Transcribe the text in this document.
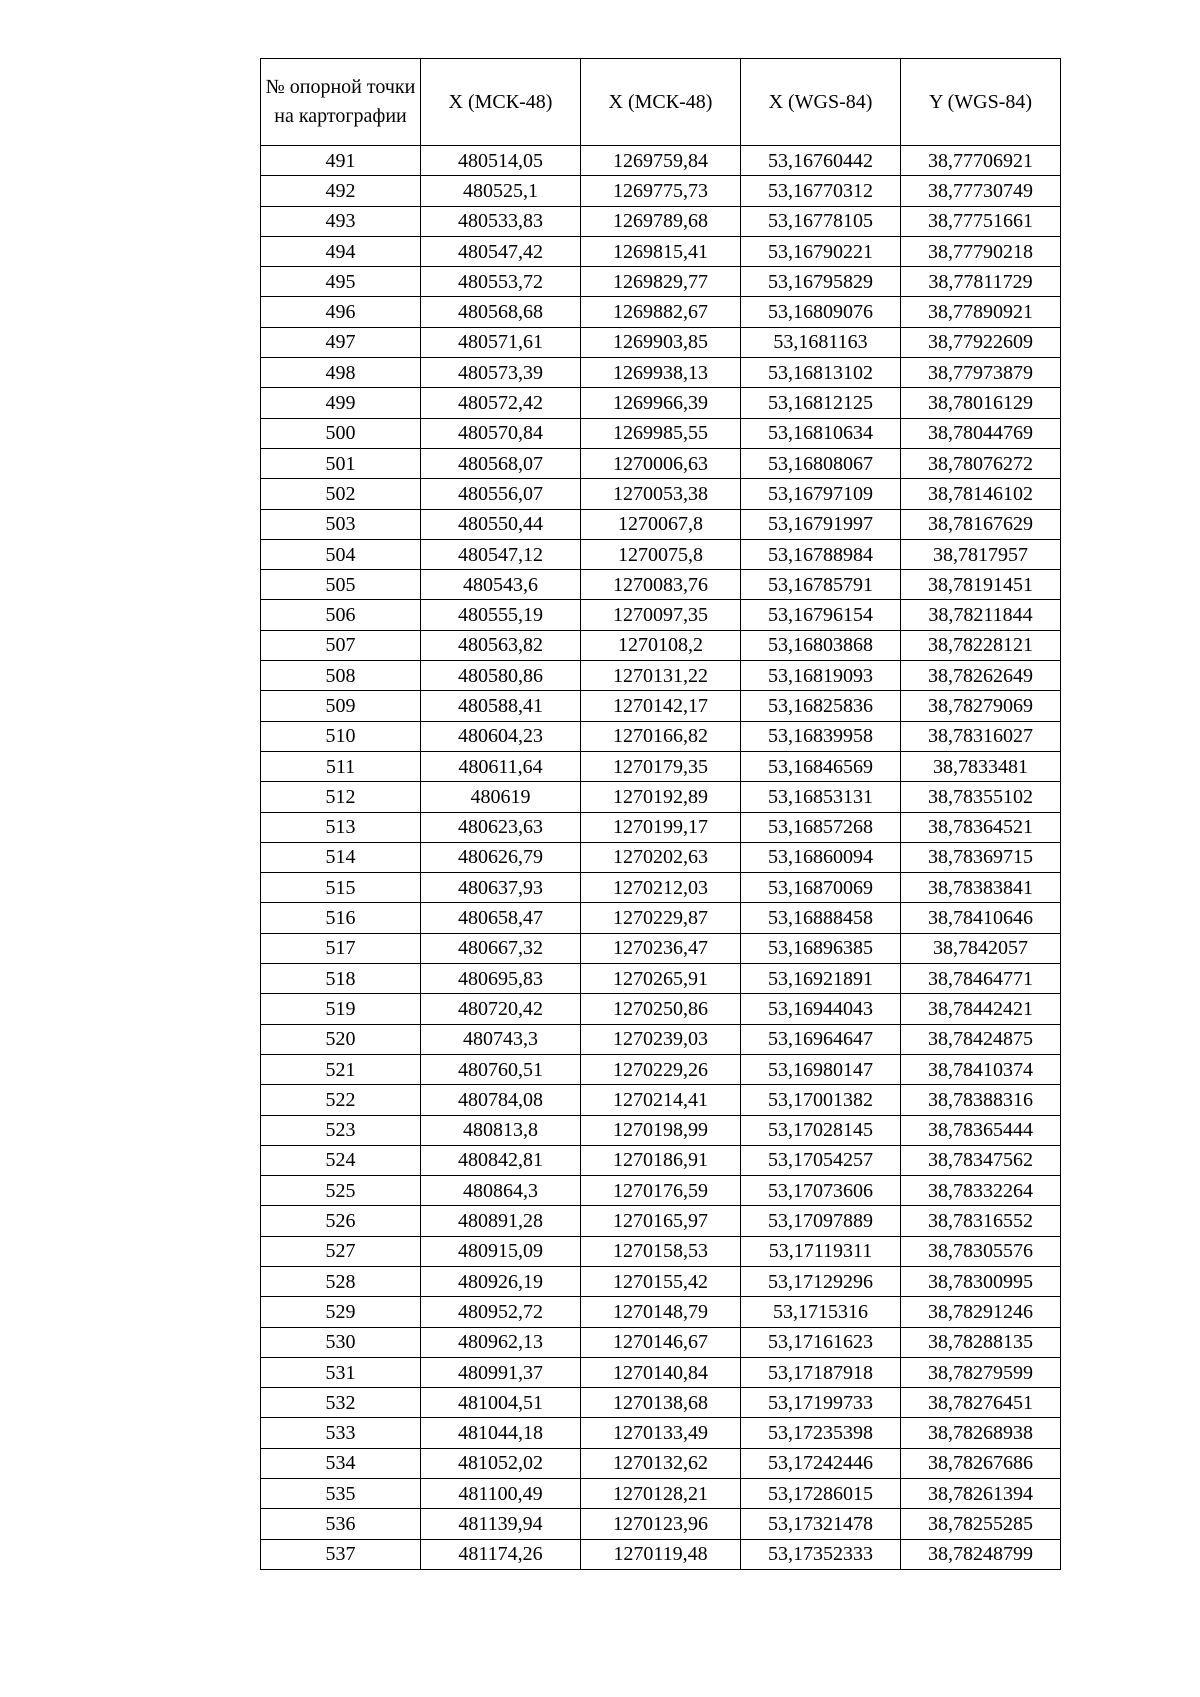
№ опорной точки на картографии	X (МСК-48)	X (МСК-48)	X (WGS-84)	Y (WGS-84)
491	480514,05	1269759,84	53,16760442	38,77706921
492	480525,1	1269775,73	53,16770312	38,77730749
493	480533,83	1269789,68	53,16778105	38,77751661
494	480547,42	1269815,41	53,16790221	38,77790218
495	480553,72	1269829,77	53,16795829	38,77811729
496	480568,68	1269882,67	53,16809076	38,77890921
497	480571,61	1269903,85	53,1681163	38,77922609
498	480573,39	1269938,13	53,16813102	38,77973879
499	480572,42	1269966,39	53,16812125	38,78016129
500	480570,84	1269985,55	53,16810634	38,78044769
501	480568,07	1270006,63	53,16808067	38,78076272
502	480556,07	1270053,38	53,16797109	38,78146102
503	480550,44	1270067,8	53,16791997	38,78167629
504	480547,12	1270075,8	53,16788984	38,7817957
505	480543,6	1270083,76	53,16785791	38,78191451
506	480555,19	1270097,35	53,16796154	38,78211844
507	480563,82	1270108,2	53,16803868	38,78228121
508	480580,86	1270131,22	53,16819093	38,78262649
509	480588,41	1270142,17	53,16825836	38,78279069
510	480604,23	1270166,82	53,16839958	38,78316027
511	480611,64	1270179,35	53,16846569	38,7833481
512	480619	1270192,89	53,16853131	38,78355102
513	480623,63	1270199,17	53,16857268	38,78364521
514	480626,79	1270202,63	53,16860094	38,78369715
515	480637,93	1270212,03	53,16870069	38,78383841
516	480658,47	1270229,87	53,16888458	38,78410646
517	480667,32	1270236,47	53,16896385	38,7842057
518	480695,83	1270265,91	53,16921891	38,78464771
519	480720,42	1270250,86	53,16944043	38,78442421
520	480743,3	1270239,03	53,16964647	38,78424875
521	480760,51	1270229,26	53,16980147	38,78410374
522	480784,08	1270214,41	53,17001382	38,78388316
523	480813,8	1270198,99	53,17028145	38,78365444
524	480842,81	1270186,91	53,17054257	38,78347562
525	480864,3	1270176,59	53,17073606	38,78332264
526	480891,28	1270165,97	53,17097889	38,78316552
527	480915,09	1270158,53	53,17119311	38,78305576
528	480926,19	1270155,42	53,17129296	38,78300995
529	480952,72	1270148,79	53,1715316	38,78291246
530	480962,13	1270146,67	53,17161623	38,78288135
531	480991,37	1270140,84	53,17187918	38,78279599
532	481004,51	1270138,68	53,17199733	38,78276451
533	481044,18	1270133,49	53,17235398	38,78268938
534	481052,02	1270132,62	53,17242446	38,78267686
535	481100,49	1270128,21	53,17286015	38,78261394
536	481139,94	1270123,96	53,17321478	38,78255285
537	481174,26	1270119,48	53,17352333	38,78248799
